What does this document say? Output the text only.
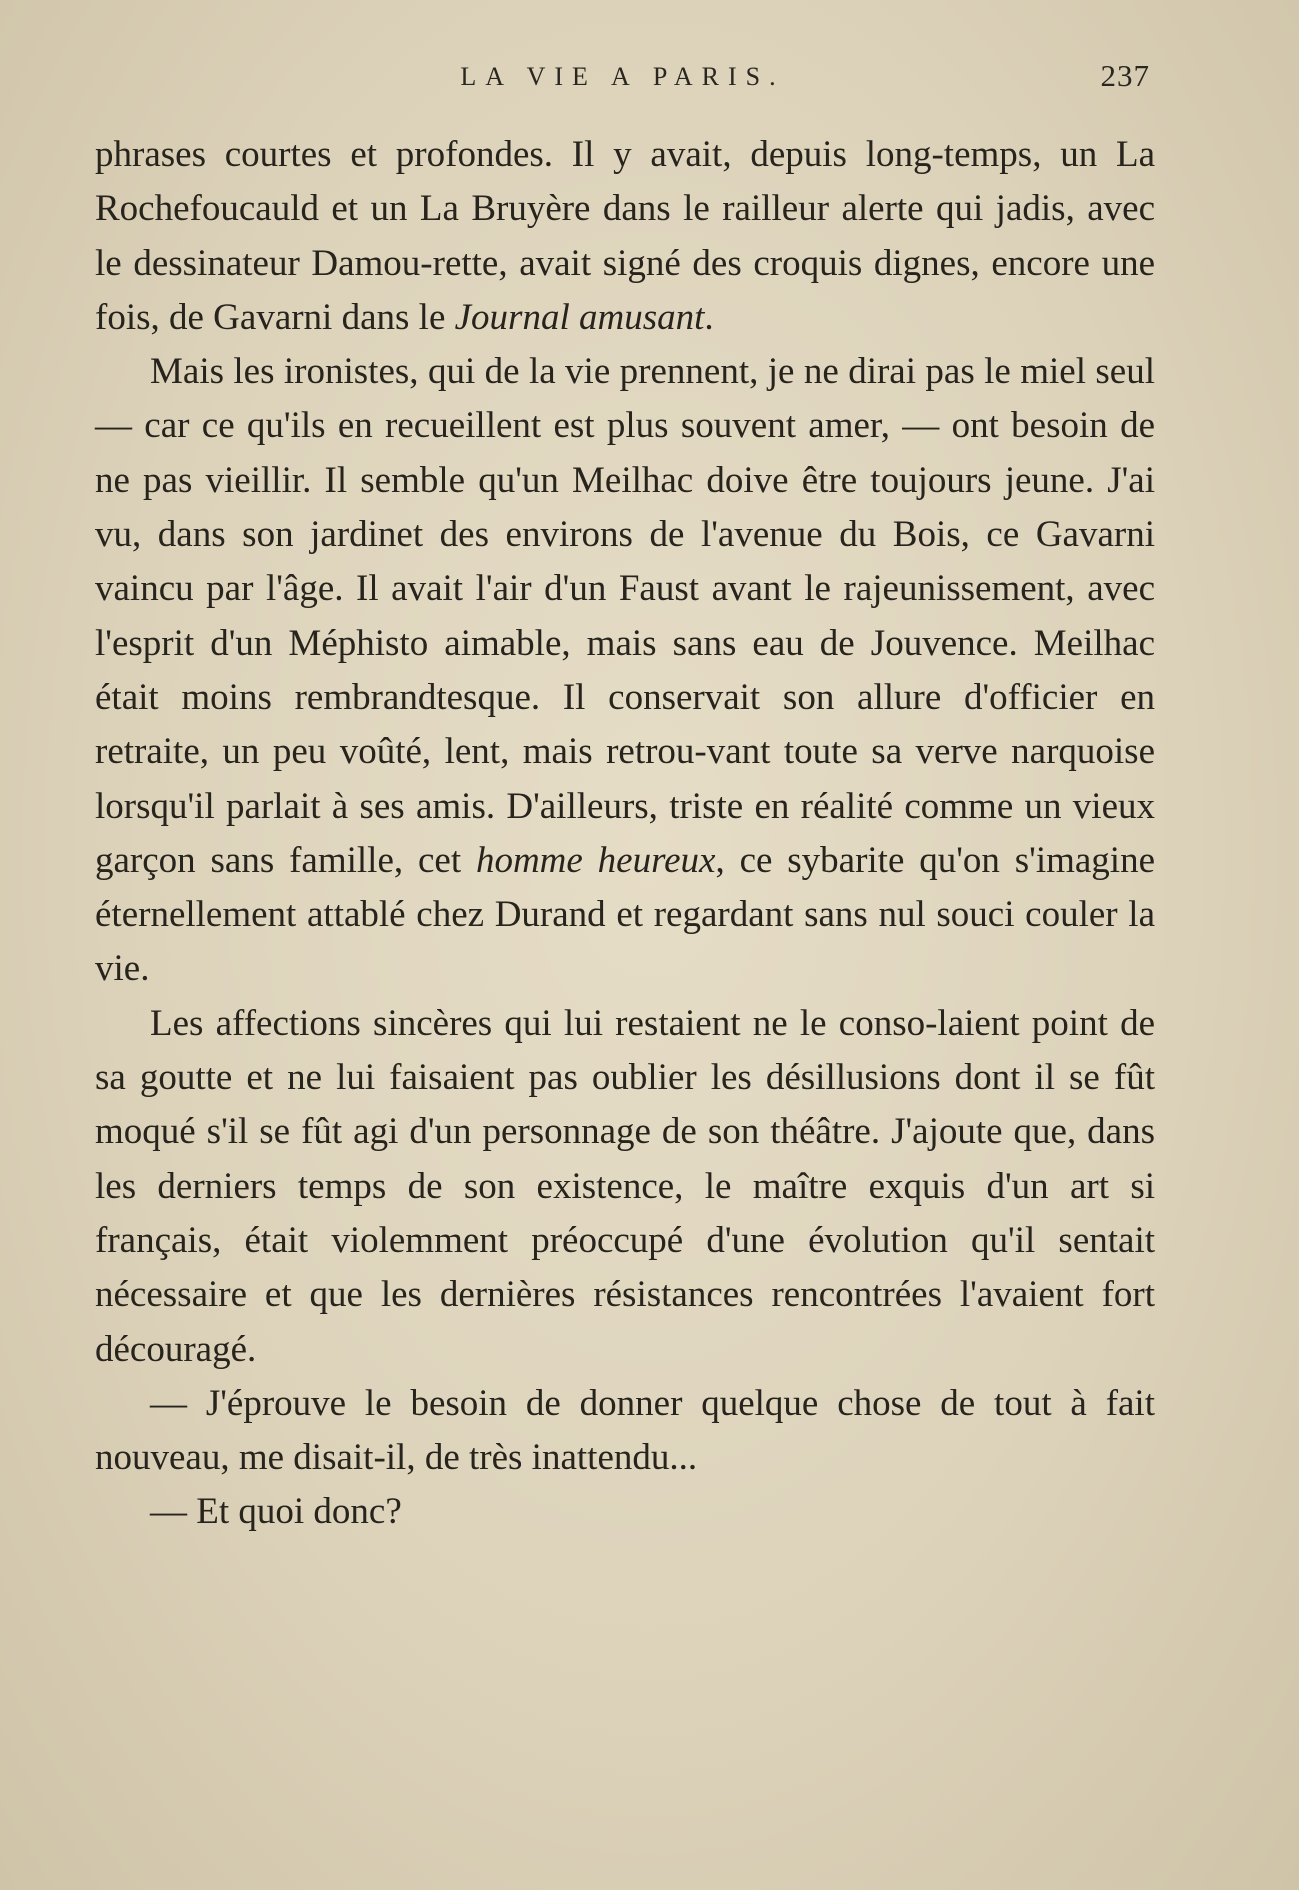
LA VIE A PARIS.	237

phrases courtes et profondes. Il y avait, depuis long-temps, un La Rochefoucauld et un La Bruyère dans le railleur alerte qui jadis, avec le dessinateur Damou-rette, avait signé des croquis dignes, encore une fois, de Gavarni dans le Journal amusant.

Mais les ironistes, qui de la vie prennent, je ne dirai pas le miel seul — car ce qu'ils en recueillent est plus souvent amer, — ont besoin de ne pas vieillir. Il semble qu'un Meilhac doive être toujours jeune. J'ai vu, dans son jardinet des environs de l'avenue du Bois, ce Gavarni vaincu par l'âge. Il avait l'air d'un Faust avant le rajeunissement, avec l'esprit d'un Méphisto aimable, mais sans eau de Jouvence. Meilhac était moins rembrandtesque. Il conservait son allure d'officier en retraite, un peu voûté, lent, mais retrou-vant toute sa verve narquoise lorsqu'il parlait à ses amis. D'ailleurs, triste en réalité comme un vieux garçon sans famille, cet homme heureux, ce sybarite qu'on s'imagine éternellement attablé chez Durand et regardant sans nul souci couler la vie.

Les affections sincères qui lui restaient ne le conso-laient point de sa goutte et ne lui faisaient pas oublier les désillusions dont il se fût moqué s'il se fût agi d'un personnage de son théâtre. J'ajoute que, dans les derniers temps de son existence, le maître exquis d'un art si français, était violemment préoccupé d'une évolution qu'il sentait nécessaire et que les dernières résistances rencontrées l'avaient fort découragé.

— J'éprouve le besoin de donner quelque chose de tout à fait nouveau, me disait-il, de très inattendu...

— Et quoi donc?
